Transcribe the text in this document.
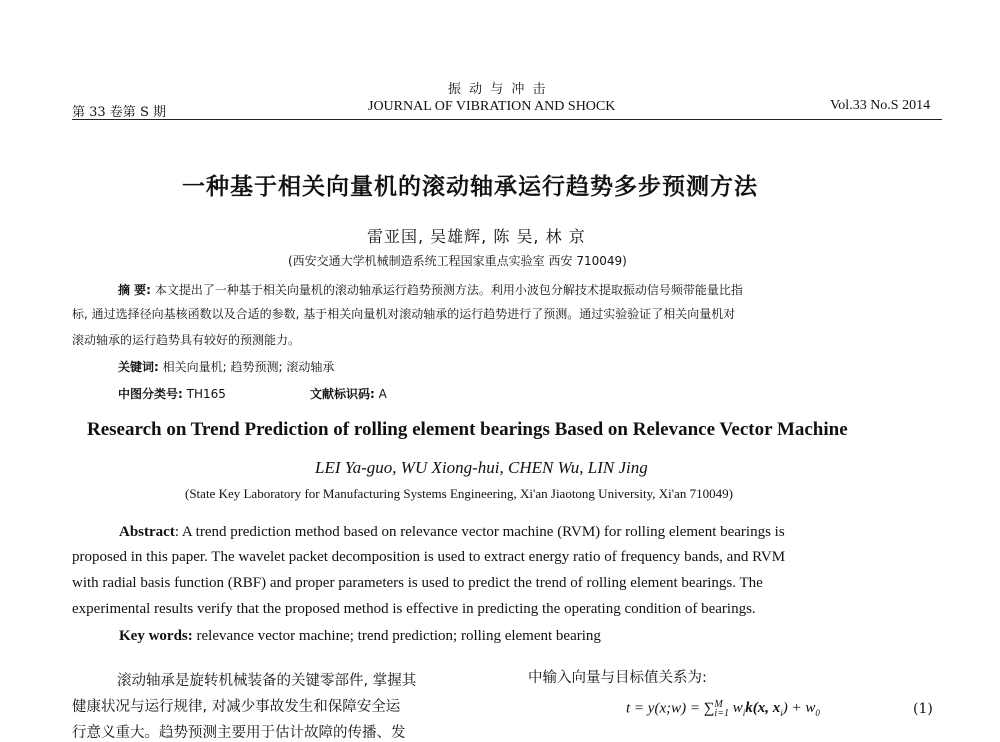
振 动 与 冲 击
第 33 卷第 S 期	JOURNAL OF VIBRATION AND SHOCK	Vol.33 No.S 2014
一种基于相关向量机的滚动轴承运行趋势多步预测方法
雷亚国, 吴雄辉, 陈 吴, 林 京
(西安交通大学机械制造系统工程国家重点实验室 西安 710049)
摘 要: 本文提出了一种基于相关向量机的滚动轴承运行趋势预测方法。利用小波包分解技术提取振动信号频带能量比指
标, 通过选择径向基核函数以及合适的参数, 基于相关向量机对滚动轴承的运行趋势进行了预测。通过实验验证了相关向量机对
滚动轴承的运行趋势具有较好的预测能力。
关键词: 相关向量机; 趋势预测; 滚动轴承
中图分类号: TH165	文献标识码: A
Research on Trend Prediction of rolling element bearings Based on Relevance Vector Machine
LEI Ya-guo, WU Xiong-hui, CHEN Wu, LIN Jing
(State Key Laboratory for Manufacturing Systems Engineering, Xi'an Jiaotong University, Xi'an 710049)
Abstract: A trend prediction method based on relevance vector machine (RVM) for rolling element bearings is
proposed in this paper. The wavelet packet decomposition is used to extract energy ratio of frequency bands, and RVM
with radial basis function (RBF) and proper parameters is used to predict the trend of rolling element bearings. The
experimental results verify that the proposed method is effective in predicting the operating condition of bearings.
Key words: relevance vector machine; trend prediction; rolling element bearing
滚动轴承是旋转机械装备的关键零部件, 掌握其
健康状况与运行规律, 对减少事故发生和保障安全运
行意义重大。趋势预测主要用于估计故障的传播、发
中输入向量与目标值关系为:
t = y(x;w) = ∑ M
i=1 $w_ik(x$, $x_i) + w_0$	(1)
